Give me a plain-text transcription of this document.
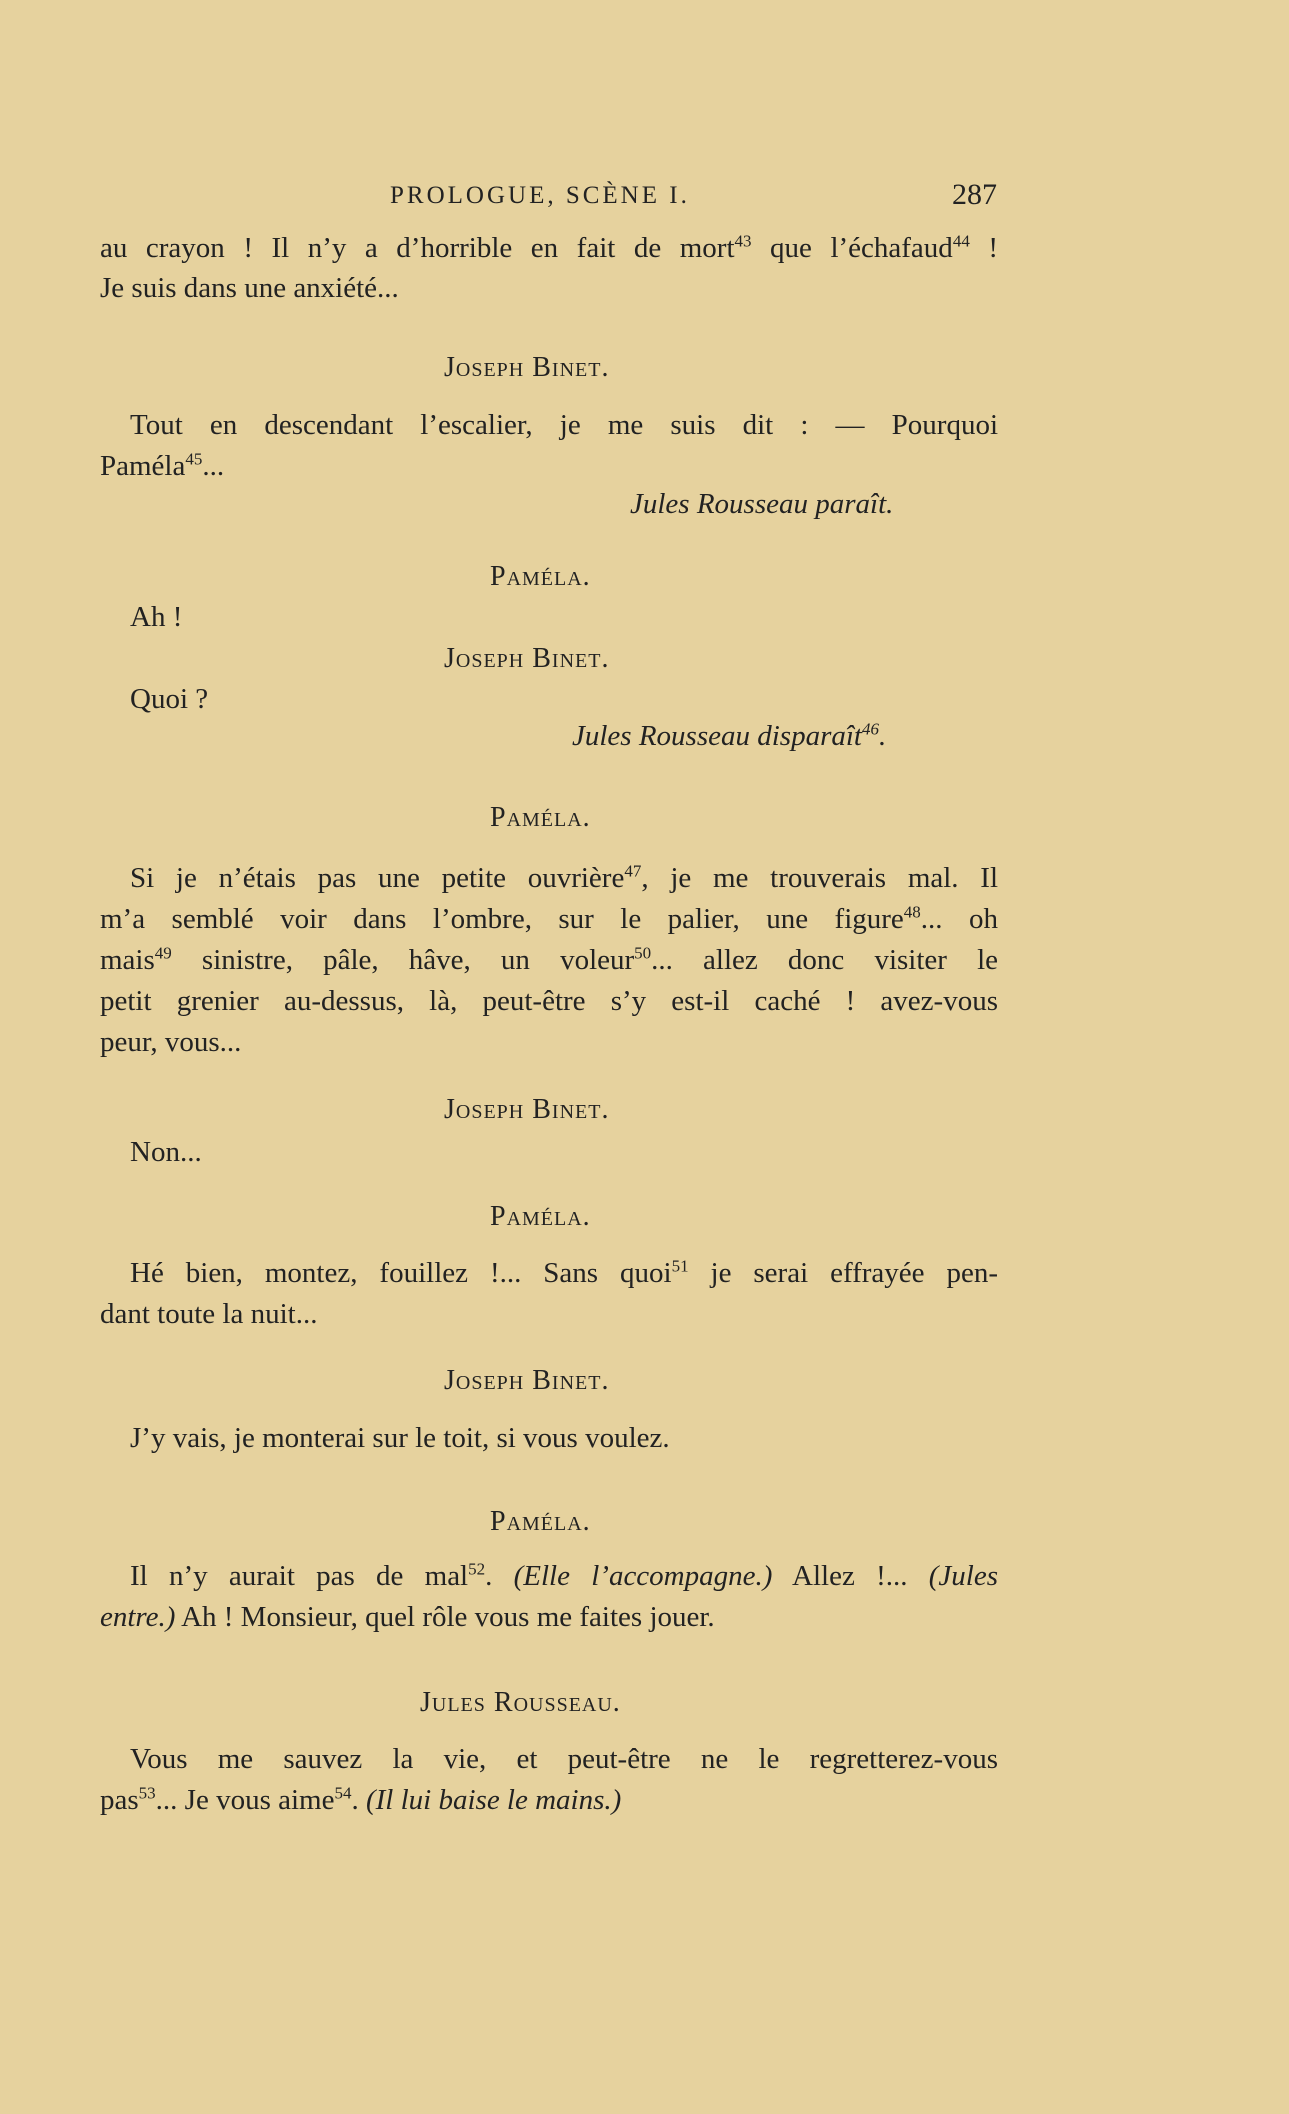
PROLOGUE, SCÈNE I.	287
au crayon ! Il n’y a d’horrible en fait de mort$^{43}$ que l’échafaud$^{44}$ !
Je suis dans une anxiété...
Joseph Binet.
Tout en descendant l’escalier, je me suis dit : — Pourquoi
Paméla$^{45}$...
Jules Rousseau paraît.
Paméla.
Ah !
Joseph Binet.
Quoi ?
Jules Rousseau disparaît$^{46}$.
Paméla.
Si je n’étais pas une petite ouvrière$^{47}$, je me trouverais mal. Il
m’a semblé voir dans l’ombre, sur le palier, une figure$^{48}$... oh
mais$^{49}$ sinistre, pâle, hâve, un voleur$^{50}$... allez donc visiter le
petit grenier au-dessus, là, peut-être s’y est-il caché ! avez-vous
peur, vous...
Joseph Binet.
Non...
Paméla.
Hé bien, montez, fouillez !... Sans quoi$^{51}$ je serai effrayée pen-
dant toute la nuit...
Joseph Binet.
J’y vais, je monterai sur le toit, si vous voulez.
Paméla.
Il n’y aurait pas de mal$^{52}$. (Elle l’accompagne.) Allez !... (Jules
entre.) Ah ! Monsieur, quel rôle vous me faites jouer.
Jules Rousseau.
Vous me sauvez la vie, et peut-être ne le regretterez-vous
pas$^{53}$... Je vous aime$^{54}$. (Il lui baise le mains.)
